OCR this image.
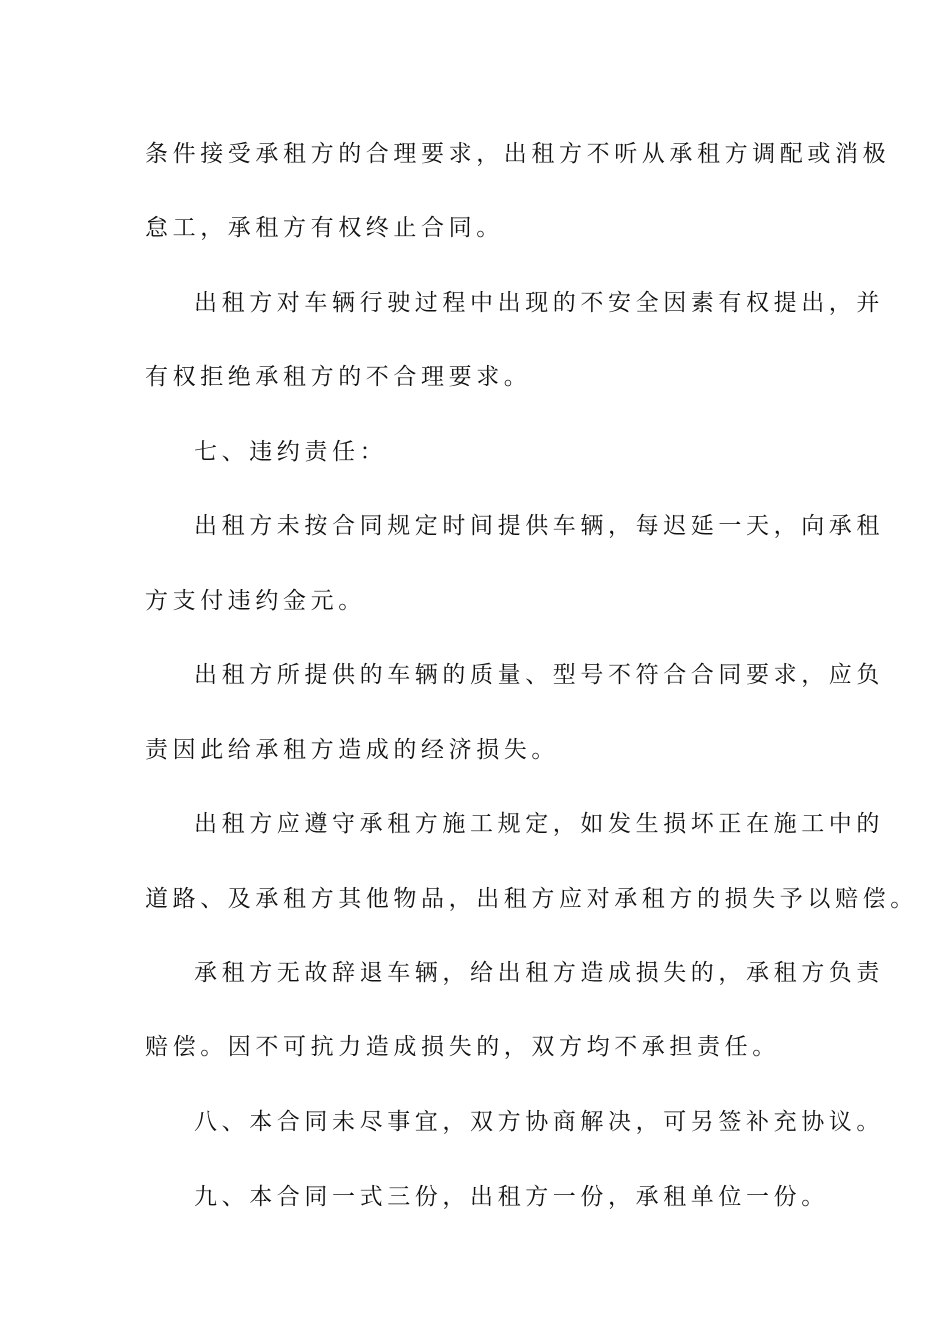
条件接受承租方的合理要求，出租方不听从承租方调配或消极
怠工，承租方有权终止合同。
出租方对车辆行驶过程中出现的不安全因素有权提出，并
有权拒绝承租方的不合理要求。
七、违约责任：
出租方未按合同规定时间提供车辆，每迟延一天，向承租
方支付违约金元。
出租方所提供的车辆的质量、型号不符合合同要求，应负
责因此给承租方造成的经济损失。
出租方应遵守承租方施工规定，如发生损坏正在施工中的
道路、及承租方其他物品，出租方应对承租方的损失予以赔偿。
承租方无故辞退车辆，给出租方造成损失的，承租方负责
赔偿。因不可抗力造成损失的，双方均不承担责任。
八、本合同未尽事宜，双方协商解决，可另签补充协议。
九、本合同一式三份，出租方一份，承租单位一份。
